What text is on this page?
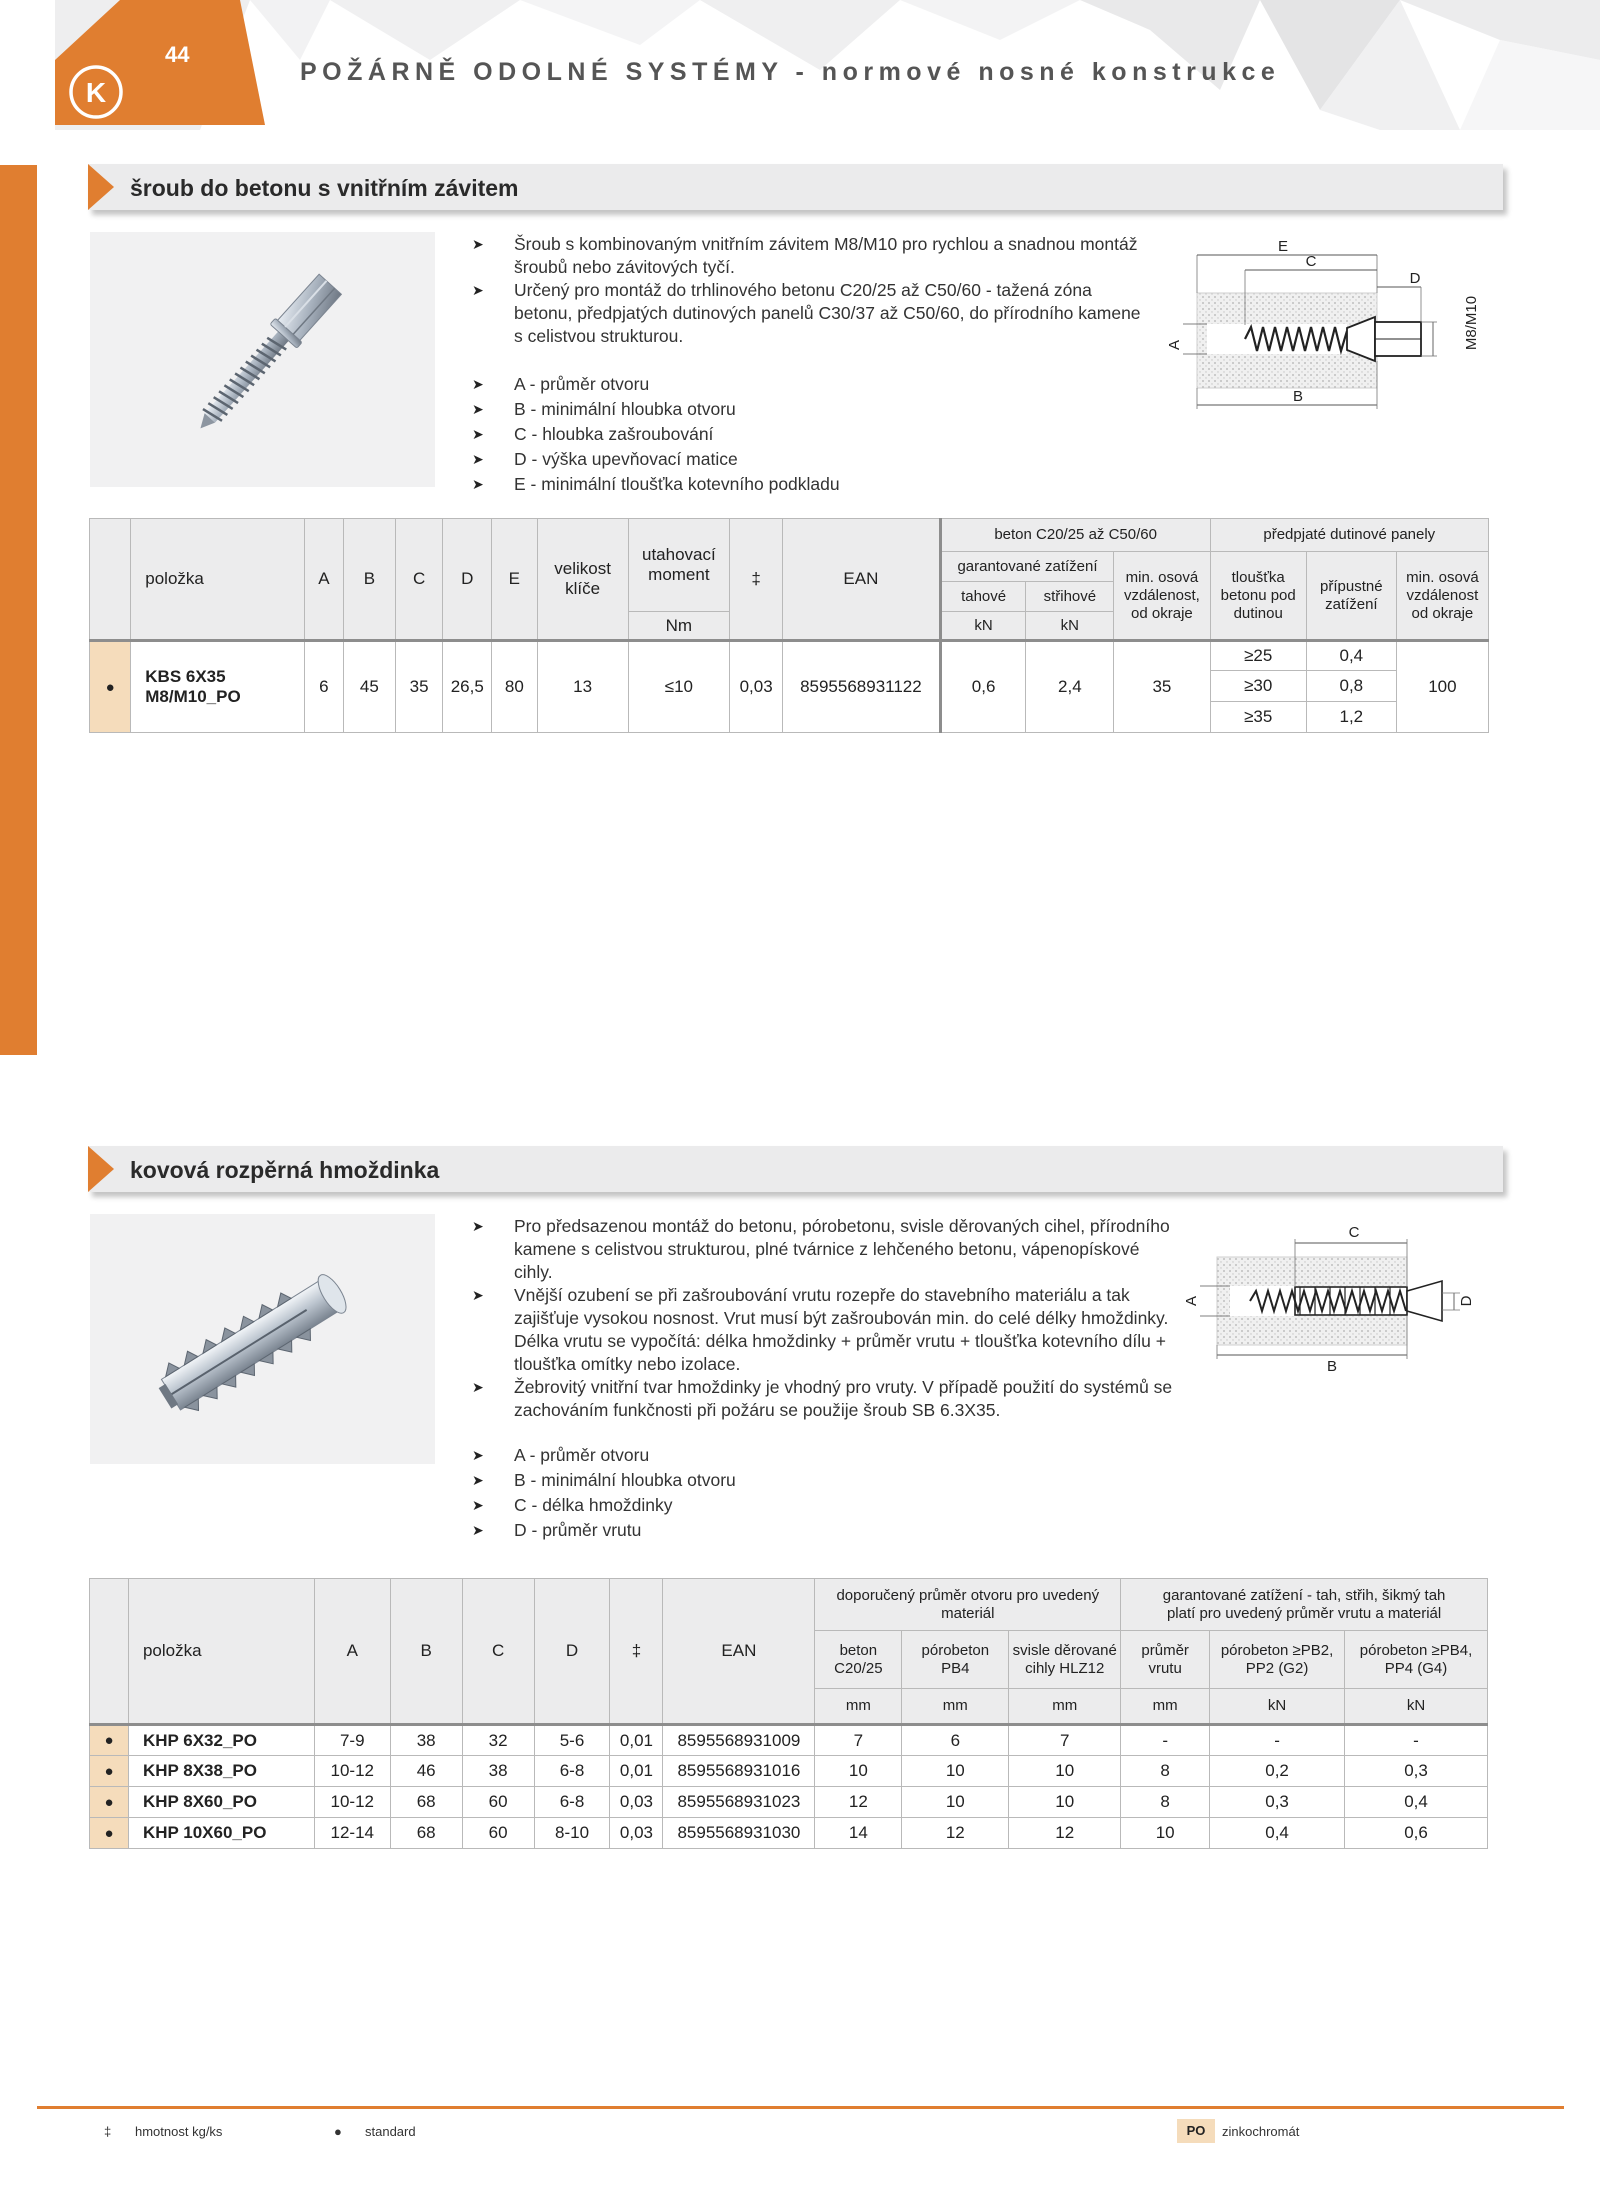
K
44
POŽÁRNĚ ODOLNÉ SYSTÉMY - normové nosné konstrukce
šroub do betonu s vnitřním závitem
➤ Šroub s kombinovaným vnitřním závitem M8/M10 pro rychlou a snadnou montáž šroubů nebo závitových tyčí.
➤ Určený pro montáž do trhlinového betonu C20/25 až C50/60 - tažená zóna betonu, předpjatých dutinových panelů C30/37 až C50/60, do přírodního kamene s celistvou strukturou.
➤ A - průměr otvoru
➤ B - minimální hloubka otvoru
➤ C - hloubka zašroubování
➤ D - výška upevňovací matice
➤ E - minimální tloušťka kotevního podkladu
E
C
D
B
A	M8/M10
	položka	A	B	C	D	E	velikost klíče	utahovací moment	‡	EAN	beton C20/25 až C50/60			předpjaté dutinové panely		
											garantované zatížení		min. osová vzdálenost, od okraje	tloušťka betonu pod dutinou	přípustné zatížení	min. osová vzdálenost od okraje
											tahové	střihové				
								Nm			kN	kN				
●	KBS 6X35 M8/M10_PO	6	45	35	26,5	80	13	≤10	0,03	8595568931122	0,6	2,4	35	≥25	0,4	100
														≥30	0,8	
														≥35	1,2	
kovová rozpěrná hmoždinka
➤ Pro předsazenou montáž do betonu, pórobetonu, svisle děrovaných cihel, přírodního kamene s celistvou strukturou, plné tvárnice z lehčeného betonu, vápenopískové cihly.
➤ Vnější ozubení se při zašroubování vrutu rozepře do stavebního materiálu a tak zajišťuje vysokou nosnost. Vrut musí být zašroubován min. do celé délky hmoždinky. Délka vrutu se vypočítá: délka hmoždinky + průměr vrutu + tloušťka kotevního dílu + tloušťka omítky nebo izolace.
➤ Žebrovitý vnitřní tvar hmoždinky je vhodný pro vruty. V případě použití do systémů se zachováním funkčnosti při požáru se použije šroub SB 6.3X35.
➤ A - průměr otvoru
➤ B - minimální hloubka otvoru
➤ C - délka hmoždinky
➤ D - průměr vrutu
C
B
A	D
	položka	A	B	C	D	‡	EAN	doporučený průměr otvoru pro uvedený materiál			garantované zatížení - tah, střih, šikmý tah platí pro uvedený průměr vrutu a materiál		
								beton C20/25	pórobeton PB4	svisle děrované cihly HLZ12	průměr vrutu	pórobeton ≥PB2, PP2 (G2)	pórobeton ≥PB4, PP4 (G4)
								mm	mm	mm	mm	kN	kN
●	KHP 6X32_PO	7-9	38	32	5-6	0,01	8595568931009	7	6	7	-	-	-
●	KHP 8X38_PO	10-12	46	38	6-8	0,01	8595568931016	10	10	10	8	0,2	0,3
●	KHP 8X60_PO	10-12	68	60	6-8	0,03	8595568931023	12	10	10	8	0,3	0,4
●	KHP 10X60_PO	12-14	68	60	8-10	0,03	8595568931030	14	12	12	10	0,4	0,6
‡ hmotnost kg/ks	● standard	PO	zinkochromát
